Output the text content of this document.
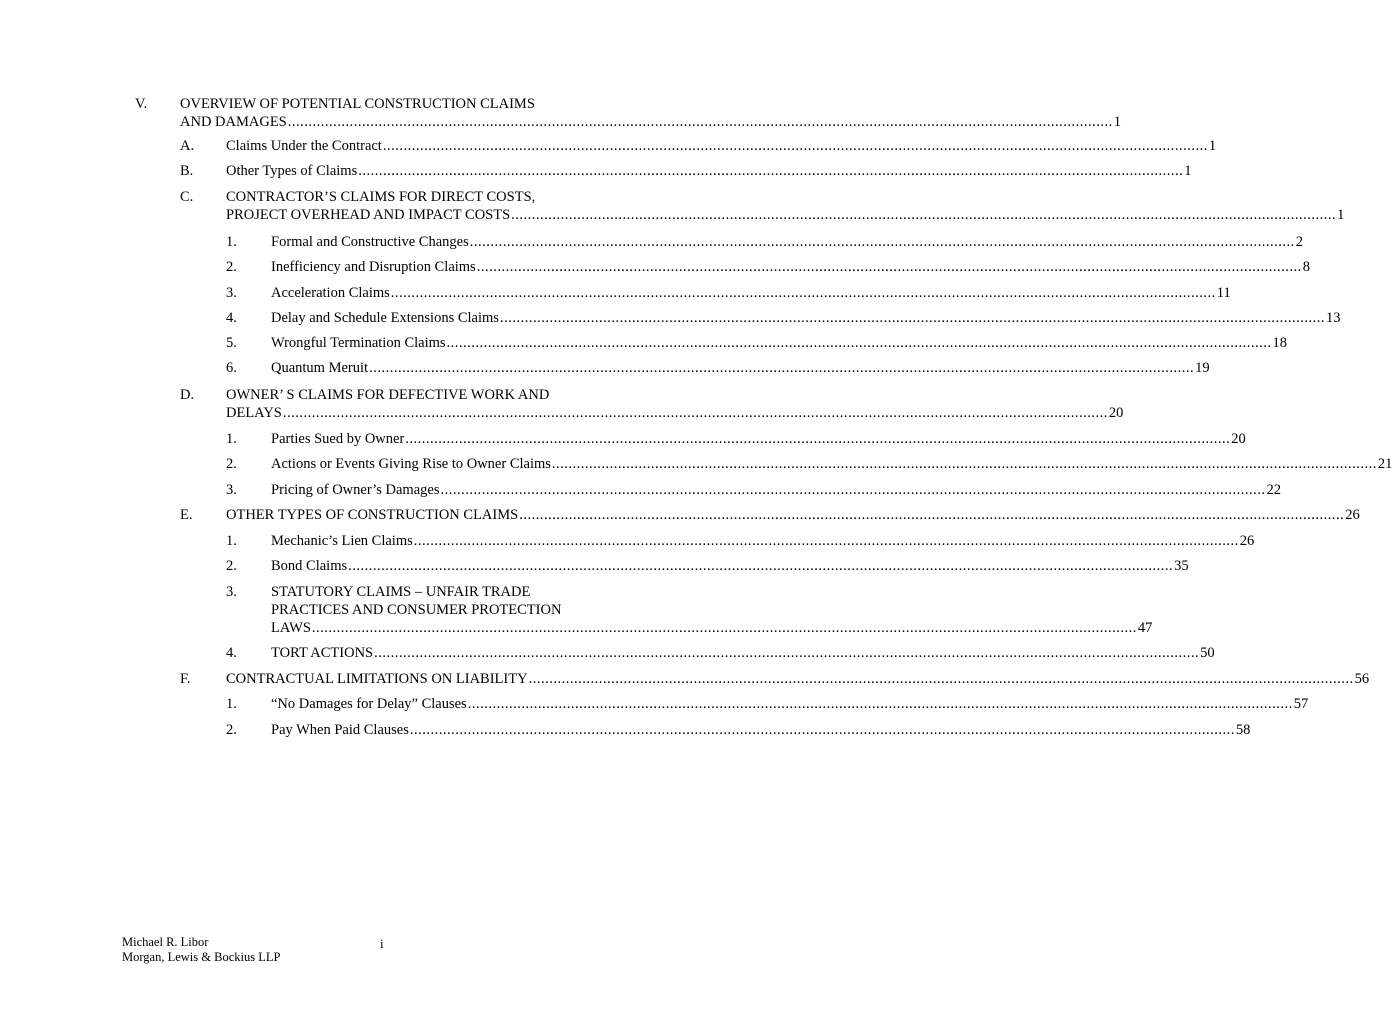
V. OVERVIEW OF POTENTIAL CONSTRUCTION CLAIMS
AND DAMAGES ........................................................................................................................................................................................................ 1
A. Claims Under the Contract ........................................................................................................................................................................................................ 1
B. Other Types of Claims ........................................................................................................................................................................................................ 1
C. CONTRACTOR’S CLAIMS FOR DIRECT COSTS,
PROJECT OVERHEAD AND IMPACT COSTS ........................................................................................................................................................................................................ 1
1. Formal and Constructive Changes ........................................................................................................................................................................................................ 2
2. Inefficiency and Disruption Claims ........................................................................................................................................................................................................ 8
3. Acceleration Claims ........................................................................................................................................................................................................ 11
4. Delay and Schedule Extensions Claims ........................................................................................................................................................................................................ 13
5. Wrongful Termination Claims ........................................................................................................................................................................................................ 18
6. Quantum Meruit ........................................................................................................................................................................................................ 19
D. OWNER’ S CLAIMS FOR DEFECTIVE WORK AND
DELAYS ........................................................................................................................................................................................................ 20
1. Parties Sued by Owner ........................................................................................................................................................................................................ 20
2. Actions or Events Giving Rise to Owner Claims ........................................................................................................................................................................................................ 21
3. Pricing of Owner’s Damages ........................................................................................................................................................................................................ 22
E. OTHER TYPES OF CONSTRUCTION CLAIMS ........................................................................................................................................................................................................ 26
1. Mechanic’s Lien Claims ........................................................................................................................................................................................................ 26
2. Bond Claims ........................................................................................................................................................................................................ 35
3. STATUTORY CLAIMS – UNFAIR TRADE
PRACTICES AND CONSUMER PROTECTION
LAWS ........................................................................................................................................................................................................ 47
4. TORT ACTIONS ........................................................................................................................................................................................................ 50
F. CONTRACTUAL LIMITATIONS ON LIABILITY ........................................................................................................................................................................................................ 56
1. “No Damages for Delay” Clauses ........................................................................................................................................................................................................ 57
2. Pay When Paid Clauses ........................................................................................................................................................................................................ 58
Michael R. Libor
Morgan, Lewis & Bockius LLP
i
